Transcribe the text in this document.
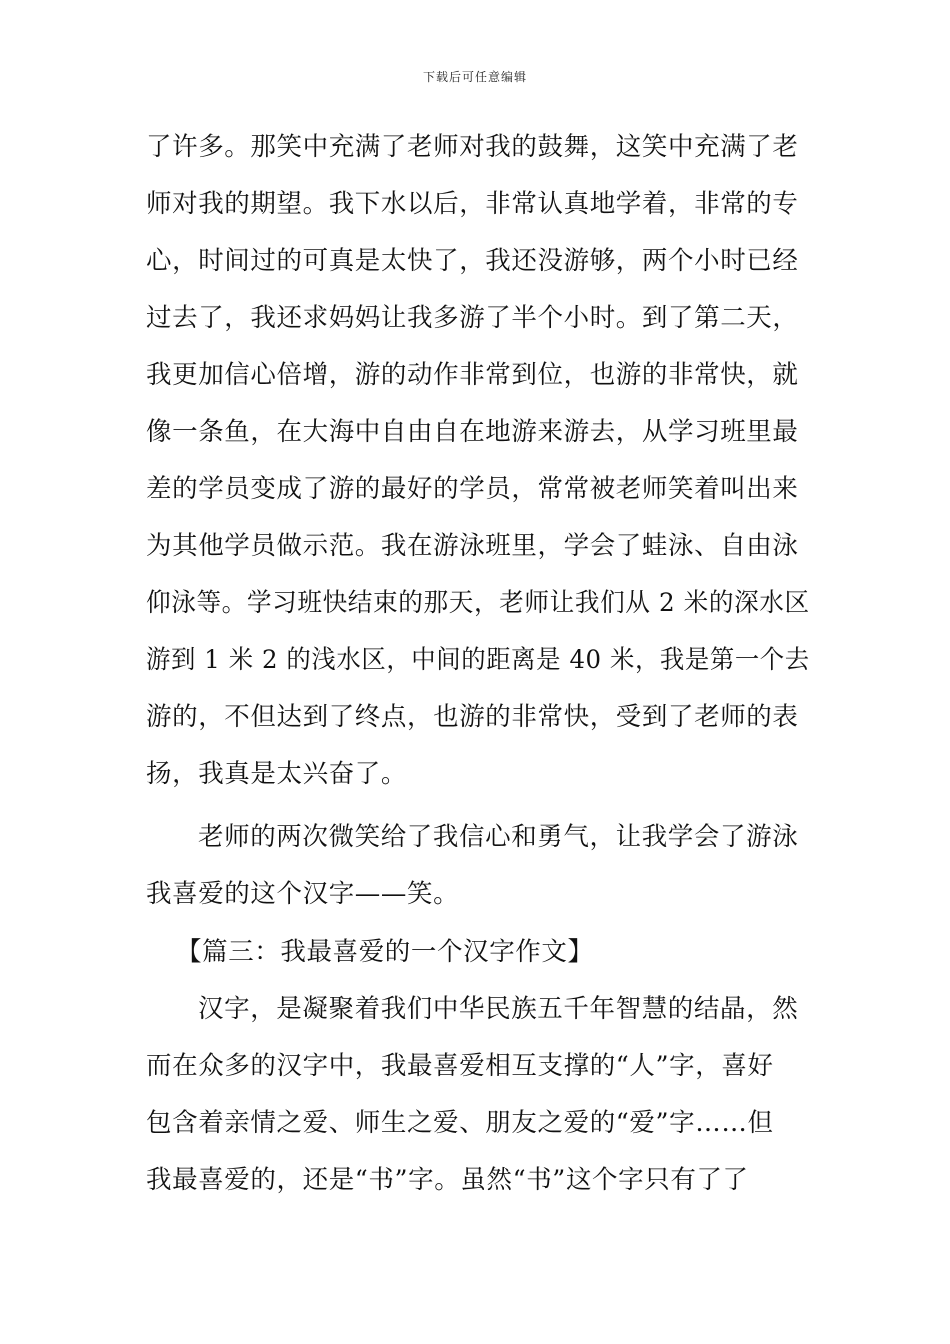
下载后可任意编辑
了许多。那笑中充满了老师对我的鼓舞，这笑中充满了老
师对我的期望。我下水以后，非常认真地学着，非常的专
心，时间过的可真是太快了，我还没游够，两个小时已经
过去了，我还求妈妈让我多游了半个小时。到了第二天，
我更加信心倍增，游的动作非常到位，也游的非常快，就
像一条鱼，在大海中自由自在地游来游去，从学习班里最
差的学员变成了游的最好的学员，常常被老师笑着叫出来
为其他学员做示范。我在游泳班里，学会了蛙泳、自由泳
仰泳等。学习班快结束的那天，老师让我们从 2 米的深水区
游到 1 米 2 的浅水区，中间的距离是 40 米，我是第一个去
游的，不但达到了终点，也游的非常快，受到了老师的表
扬，我真是太兴奋了。
老师的两次微笑给了我信心和勇气，让我学会了游泳
我喜爱的这个汉字——笑。
【篇三：我最喜爱的一个汉字作文】
汉字，是凝聚着我们中华民族五千年智慧的结晶，然
而在众多的汉字中，我最喜爱相互支撑的“人”字，喜好
包含着亲情之爱、师生之爱、朋友之爱的“爱”字……但
我最喜爱的，还是“书”字。虽然“书”这个字只有了了
